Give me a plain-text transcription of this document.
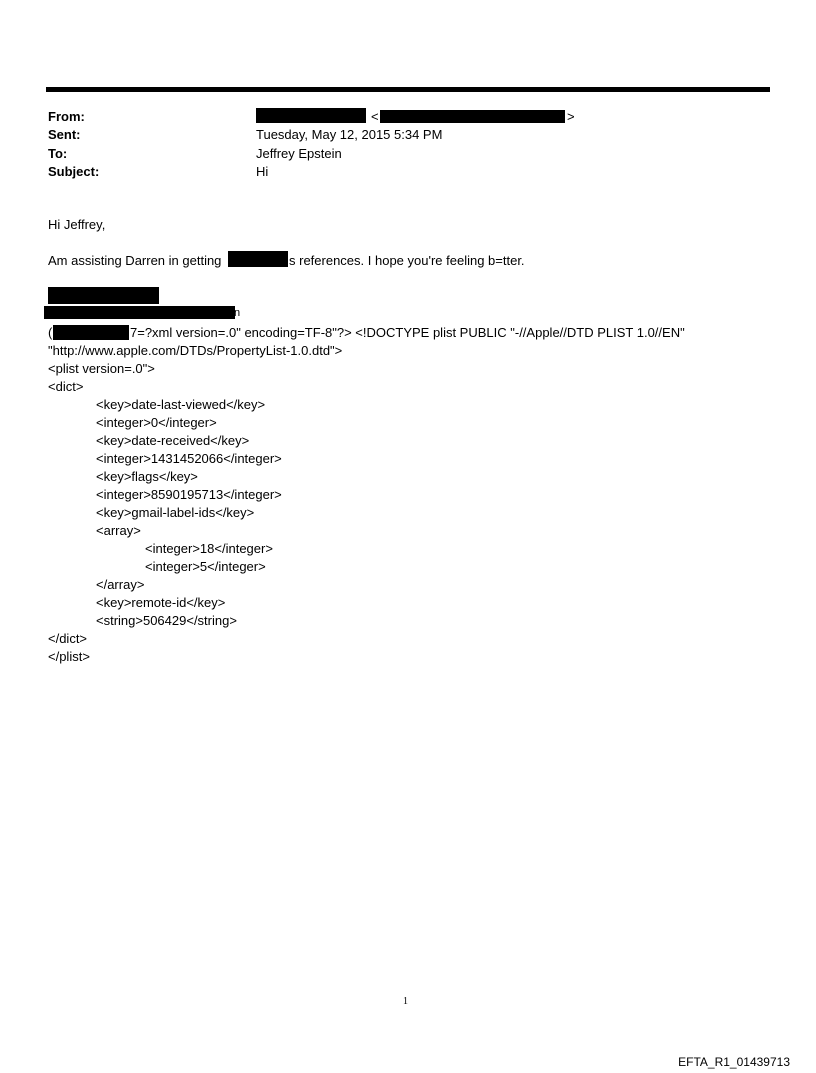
From:	<	>
Sent:	Tuesday, May 12, 2015 5:34 PM
To:	Jeffrey Epstein
Subject:	Hi
Hi Jeffrey,
Am assisting Darren in getting	s references. I hope you're feeling b=tter.
n
(	7=?xml version=.0" encoding=TF-8"?> <!DOCTYPE plist PUBLIC "-//Apple//DTD PLIST 1.0//EN"
"http://www.apple.com/DTDs/PropertyList-1.0.dtd">
<plist version=.0">
<dict>
<key>date-last-viewed</key>
<integer>0</integer>
<key>date-received</key>
<integer>1431452066</integer>
<key>flags</key>
<integer>8590195713</integer>
<key>gmail-label-ids</key>
<array>
<integer>18</integer>
<integer>5</integer>
</array>
<key>remote-id</key>
<string>506429</string>
</dict>
</plist>
1
EFTA_R1_01439713
